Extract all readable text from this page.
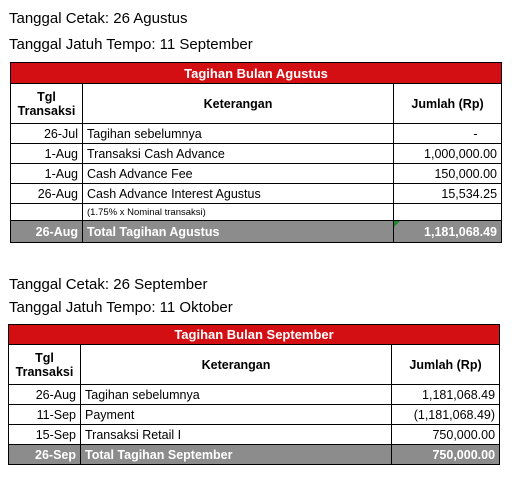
Tanggal Cetak: 26 Agustus
Tanggal Jatuh Tempo: 11 September
Tagihan Bulan Agustus		
Tgl
Transaksi	Keterangan	Jumlah (Rp)
26-Jul	Tagihan sebelumnya	-
1-Aug	Transaksi Cash Advance	1,000,000.00
1-Aug	Cash Advance Fee	150,000.00
26-Aug	Cash Advance Interest Agustus	15,534.25
	(1.75% x Nominal transaksi)	
26-Aug	Total Tagihan Agustus	1,181,068.49
Tanggal Cetak: 26 September
Tanggal Jatuh Tempo: 11 Oktober
Tagihan Bulan September		
Tgl
Transaksi	Keterangan	Jumlah (Rp)
26-Aug	Tagihan sebelumnya	1,181,068.49
11-Sep	Payment	(1,181,068.49)
15-Sep	Transaksi Retail I	750,000.00
26-Sep	Total Tagihan September	750,000.00
